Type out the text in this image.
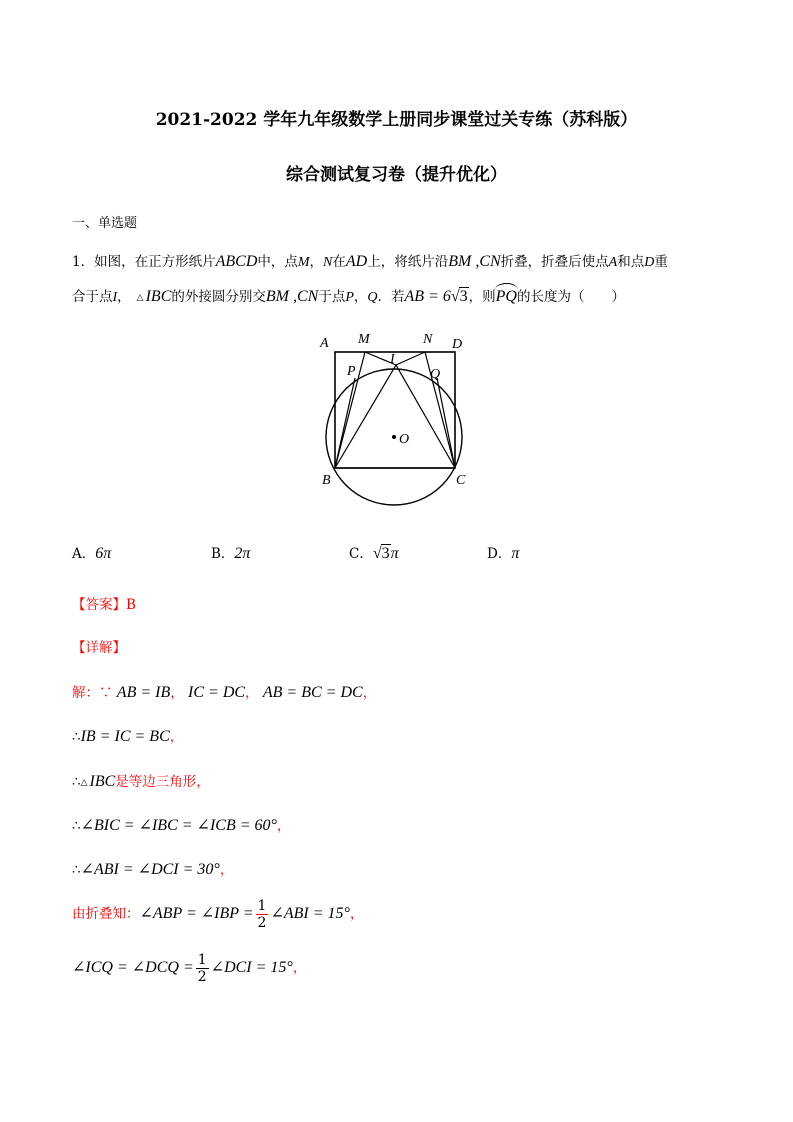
2021-2022 学年九年级数学上册同步课堂过关专练（苏科版）
综合测试复习卷（提升优化）
一、单选题
1．如图，在正方形纸片ABCD中，点M，N在AD上，将纸片沿BM ,CN折叠，折叠后使点A和点D重
合于点I， △ IBC的外接圆分别交BM ,CN于点P，Q．若AB = 6√3，则PQ的长度为（　　）
A M	N D
I
P	Q
O
B	C
A．6π	B．2π	C．√3π	D．π
【答案】B
【详解】
解：∵ AB = IB， IC = DC， AB = BC = DC，
∴IB = IC = BC，
∴△ IBC是等边三角形，
∴∠BIC = ∠IBC = ∠ICB = 60°，
∴∠ABI = ∠DCI = 30°，
由折叠知：∠ABP = ∠IBP = $\frac{1}{2}$ ∠ABI = 15°，
∠ICQ = ∠DCQ = $\frac{1}{2}$ ∠DCI = 15°，
